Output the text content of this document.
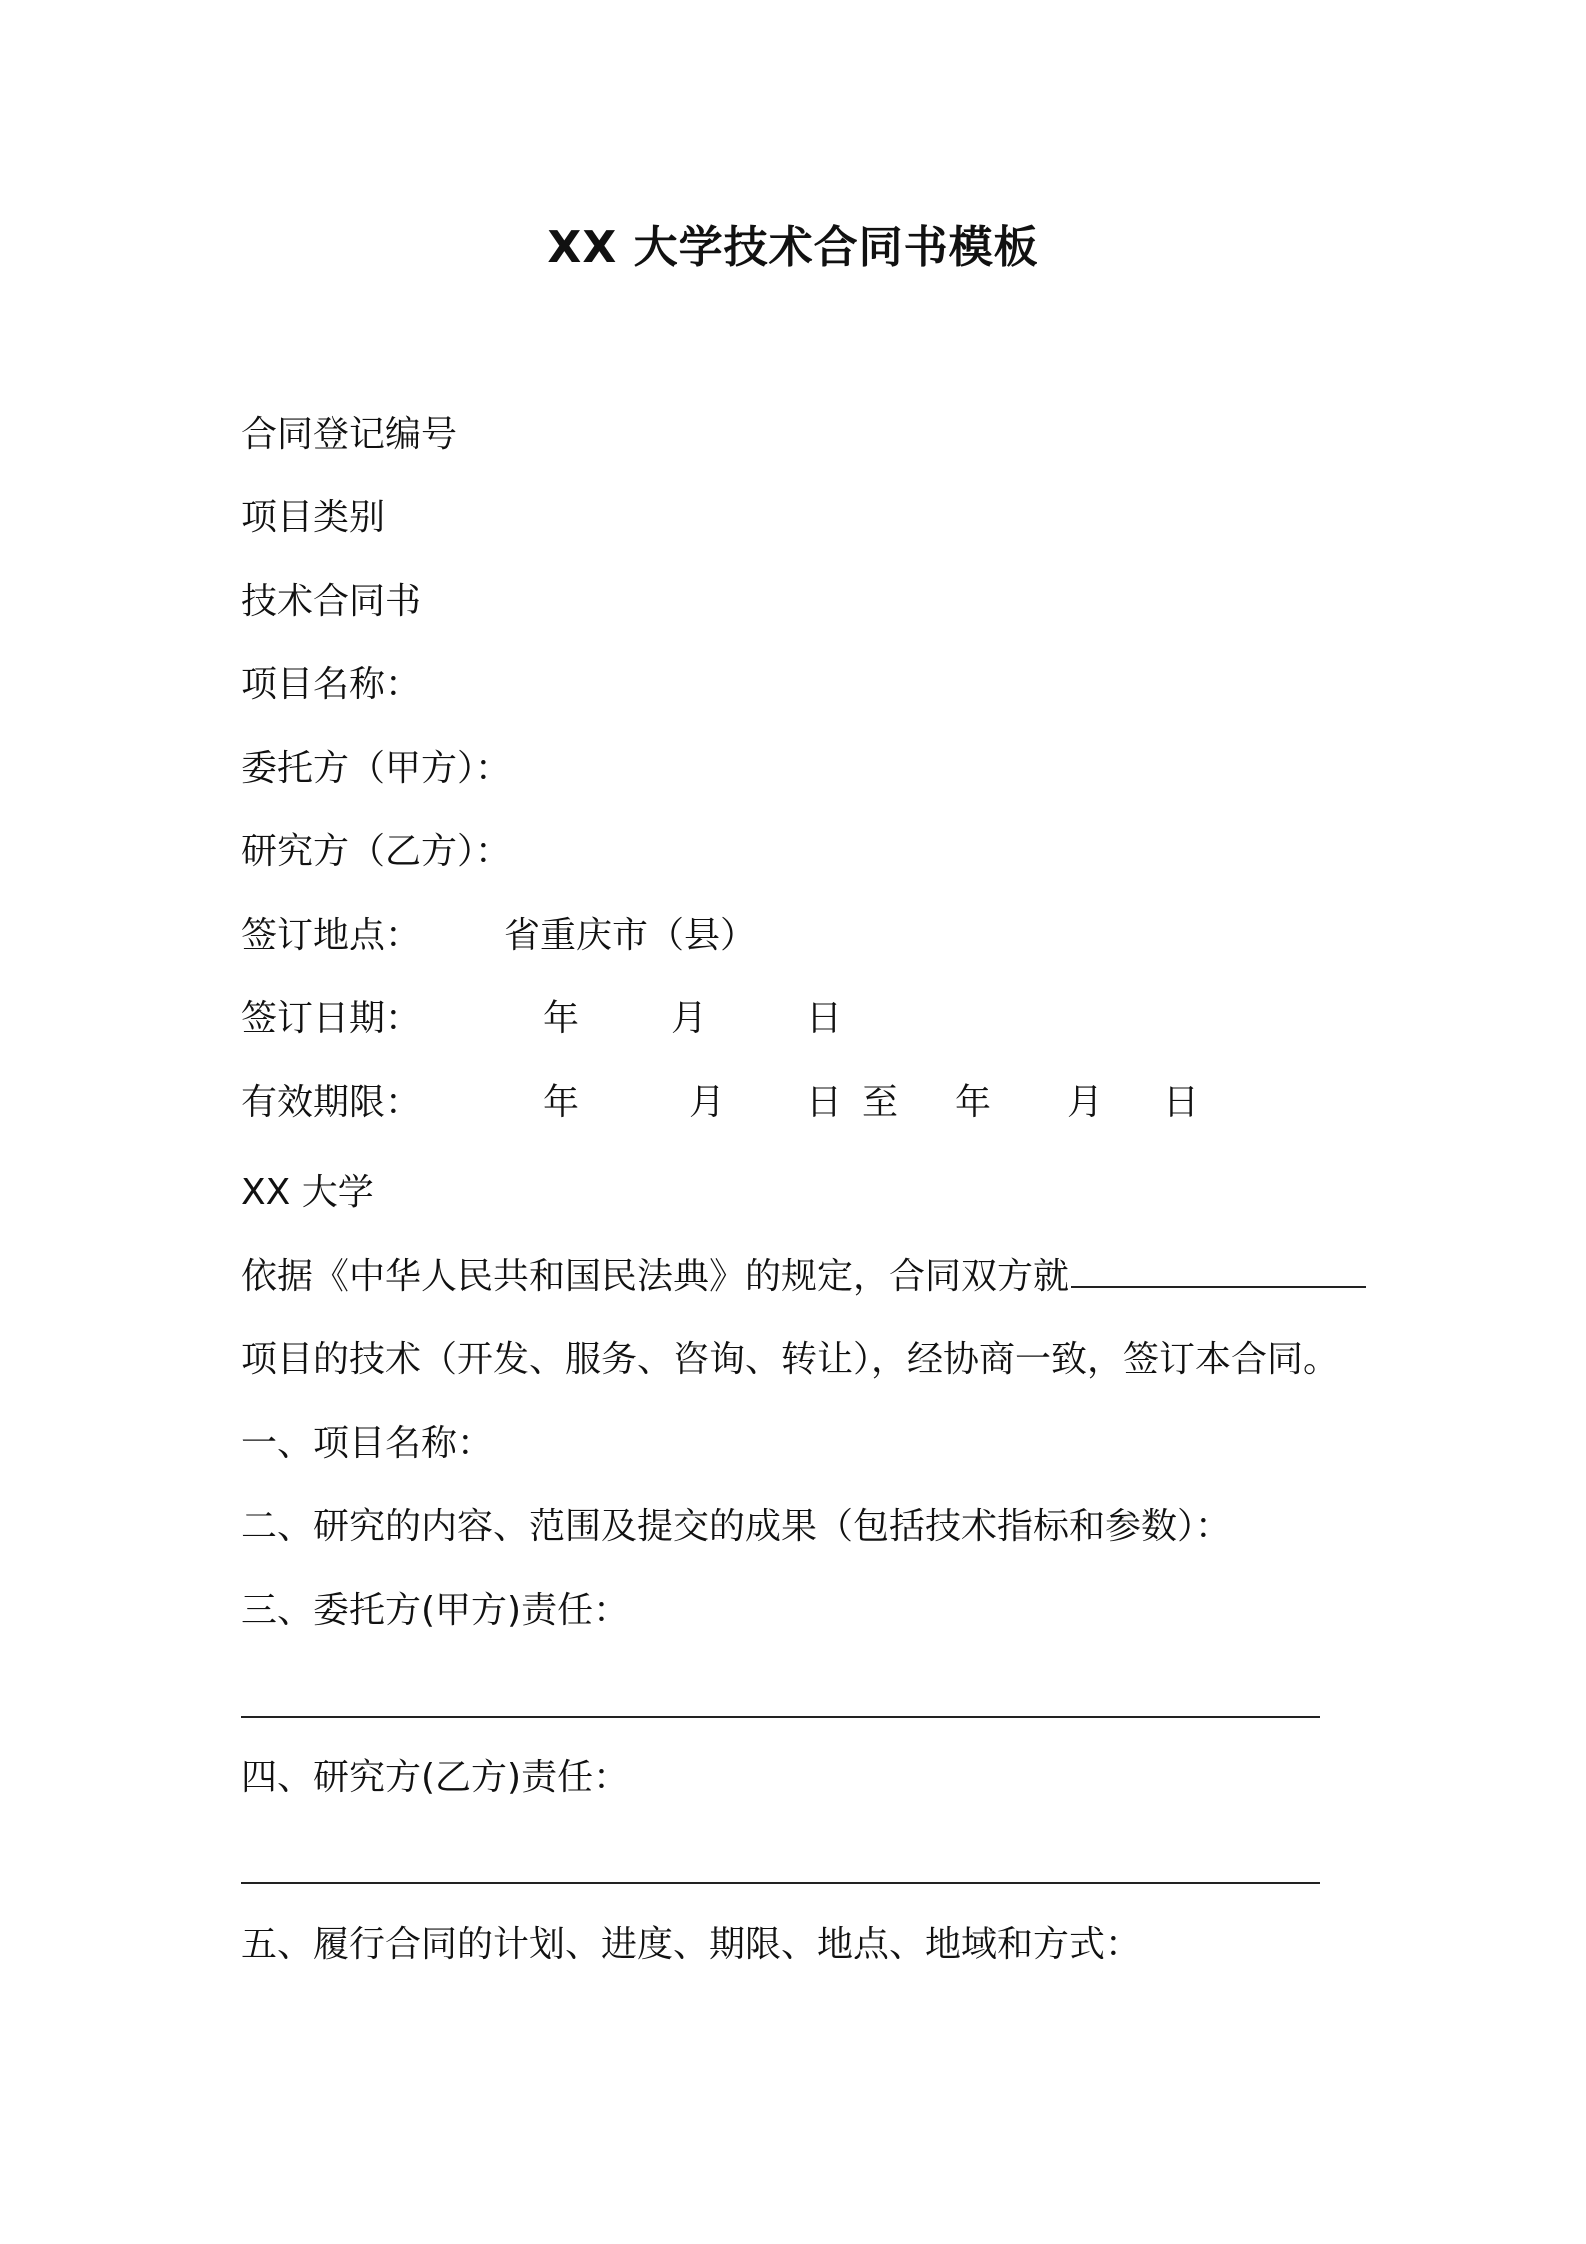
XX 大学技术合同书模板
合同登记编号
项目类别
技术合同书
项目名称：
委托方（甲方）：
研究方（乙方）：
签订地点： 省 重庆市（县）
签订日期：	年	月	日
有效期限：	年	月 日 至 年 月 日
XX 大学
依据《中华人民共和国民法典》的规定，合同双方就
项目的技术（开发、服务、咨询、转让），经协商一致，签订本合同。
一、项目名称：
二、研究的内容、范围及提交的成果（包括技术指标和参数）：
三、委托方(甲方)责任：
四、研究方(乙方)责任：
五、履行合同的计划、进度、期限、地点、地域和方式：
